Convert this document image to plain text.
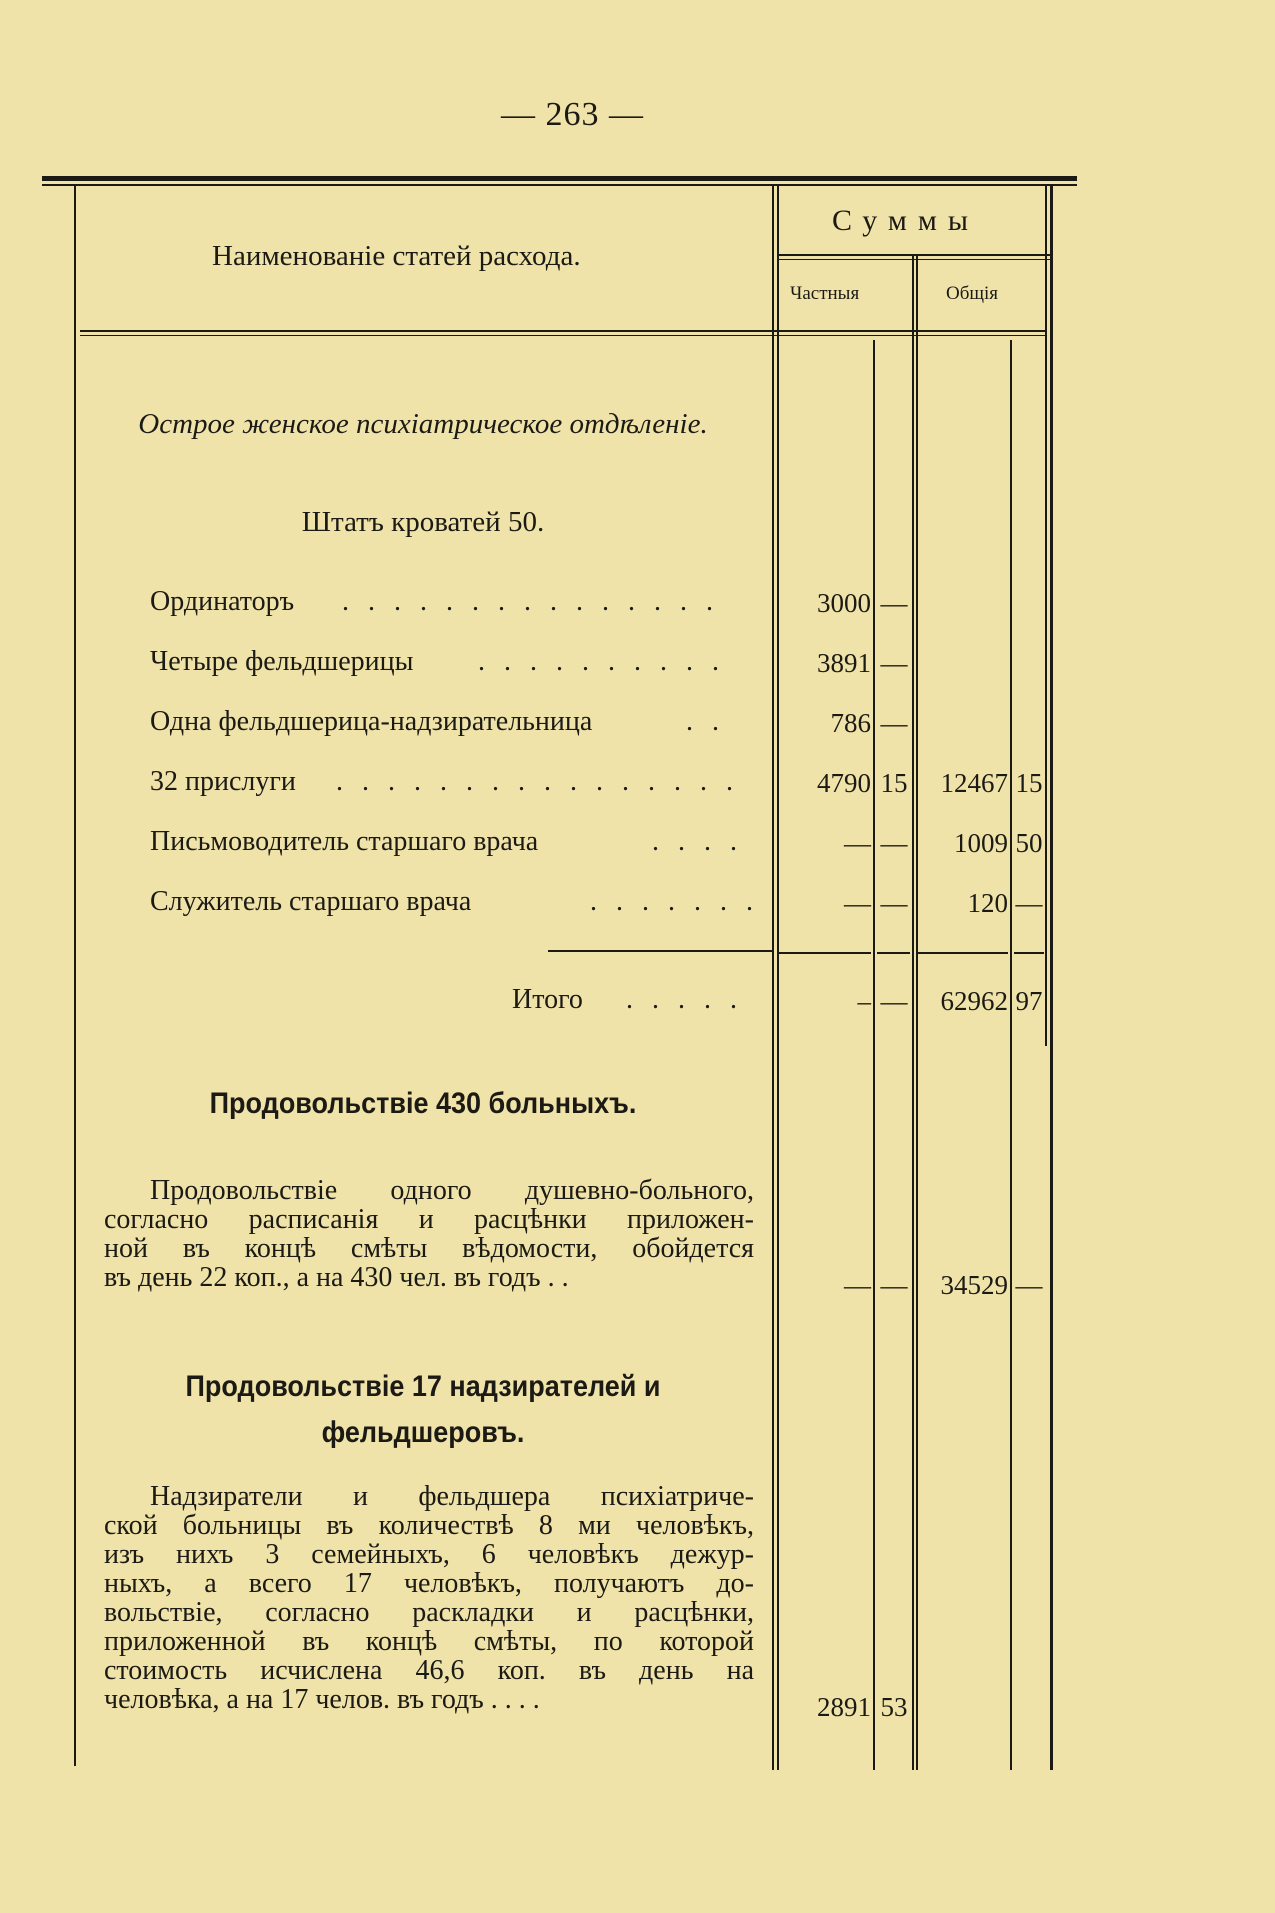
— 263 —
Наименованіе статей расхода.
Суммы
Частныя	Общія
Острое женское психіатрическое отдѣленіе.
Штатъ кроватей 50.
Ординаторъ . . . . . . . . . . . . . . .	3000 —
Четыре фельдшерицы . . . . . . . . . .	3891 —
Одна фельдшерица-надзирательница	. .	786 —
32 прислуги . . . . . . . . . . . . . . . .	4790 15	12467 15
Письмоводитель старшаго врача	. . . .	— —	1009 50
Служитель старшаго врача	. . . . . . .	— —	120 —
Итого . . . . .	– —	62962 97
Продовольствіе 430 больныхъ.
Продовольствіе одного душевно-больного,
согласно расписанія и расцѣнки приложен-
ной въ концѣ смѣты вѣдомости, обойдется
въ день 22 коп., а на 430 чел. въ годъ . .	— —	34529 —
Продовольствіе 17 надзирателей и
фельдшеровъ.
Надзиратели и фельдшера психіатриче-
ской больницы въ количествѣ 8 ми человѣкъ,
изъ нихъ 3 семейныхъ, 6 человѣкъ дежур-
ныхъ, а всего 17 человѣкъ, получаютъ до-
вольствіе, согласно раскладки и расцѣнки,
приложенной въ концѣ смѣты, по которой
стоимость исчислена 46,6 коп. въ день на
человѣка, а на 17 челов. въ годъ . . . .	2891 53
